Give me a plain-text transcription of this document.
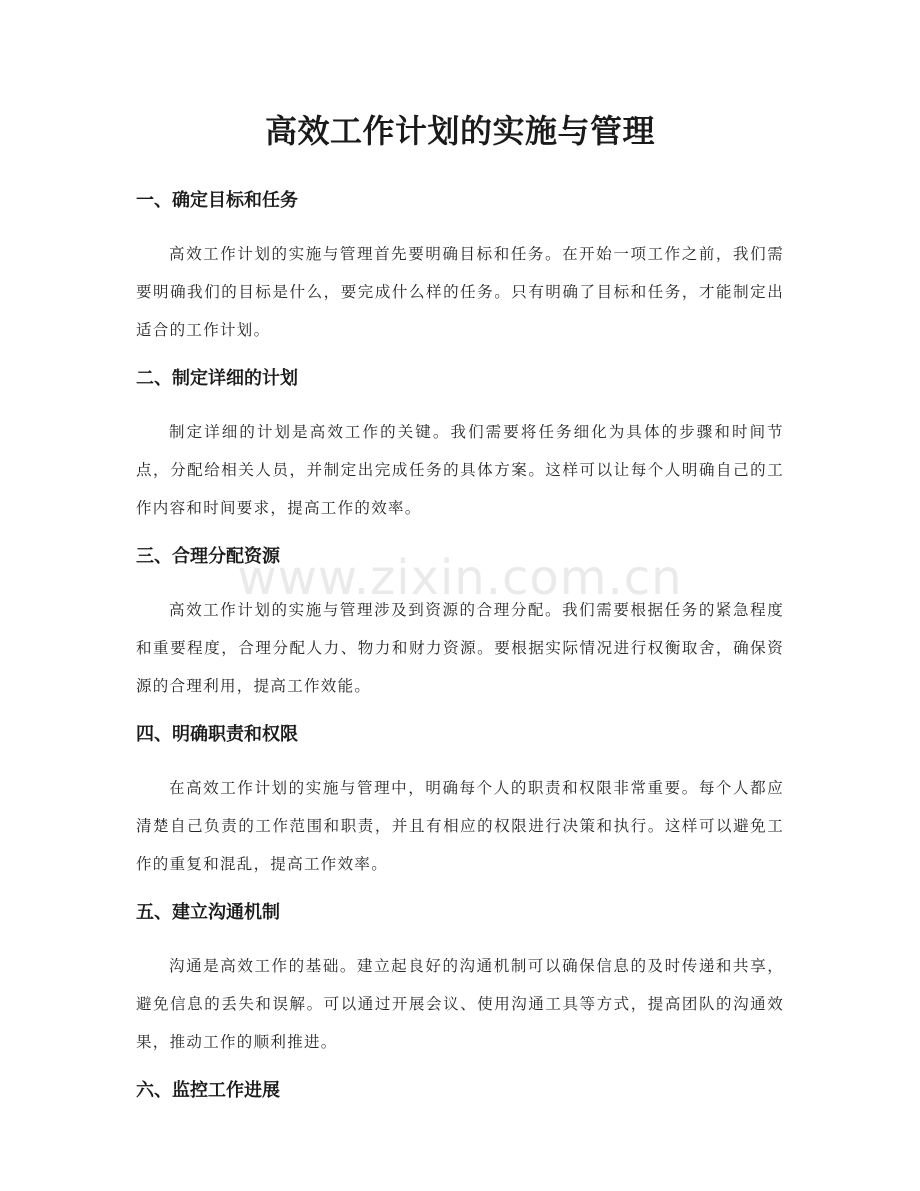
高效工作计划的实施与管理
一、确定目标和任务

高效工作计划的实施与管理首先要明确目标和任务。在开始一项工作之前，我们需要明确我们的目标是什么，要完成什么样的任务。只有明确了目标和任务，才能制定出适合的工作计划。

二、制定详细的计划

制定详细的计划是高效工作的关键。我们需要将任务细化为具体的步骤和时间节点，分配给相关人员，并制定出完成任务的具体方案。这样可以让每个人明确自己的工作内容和时间要求，提高工作的效率。

三、合理分配资源

高效工作计划的实施与管理涉及到资源的合理分配。我们需要根据任务的紧急程度和重要程度，合理分配人力、物力和财力资源。要根据实际情况进行权衡取舍，确保资源的合理利用，提高工作效能。

四、明确职责和权限

在高效工作计划的实施与管理中，明确每个人的职责和权限非常重要。每个人都应清楚自己负责的工作范围和职责，并且有相应的权限进行决策和执行。这样可以避免工作的重复和混乱，提高工作效率。

五、建立沟通机制

沟通是高效工作的基础。建立起良好的沟通机制可以确保信息的及时传递和共享，避免信息的丢失和误解。可以通过开展会议、使用沟通工具等方式，提高团队的沟通效果，推动工作的顺利推进。

六、监控工作进展
www.zixin.com.cn
